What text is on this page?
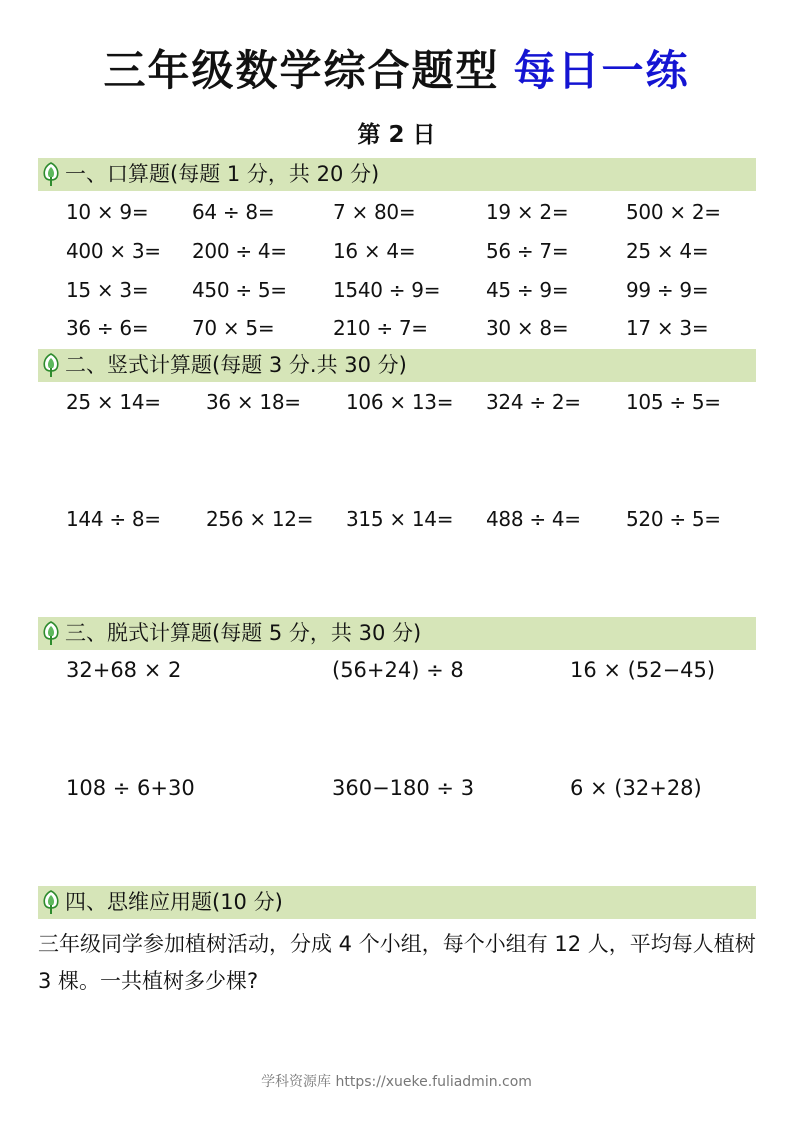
三年级数学综合题型 每日一练
第 2 日
一、口算题(每题 1 分，共 20 分)
10 × 9= 64 ÷ 8=	7 × 80=	19 × 2=	500 × 2=
400 × 3= 200 ÷ 4= 16 × 4=	56 ÷ 7=	25 × 4=
15 × 3= 450 ÷ 5= 1540 ÷ 9= 45 ÷ 9=	99 ÷ 9=
36 ÷ 6= 70 × 5=	210 ÷ 7=	30 × 8=	17 × 3=
二、竖式计算题(每题 3 分.共 30 分)
25 × 14= 36 × 18= 106 × 13= 324 ÷ 2= 105 ÷ 5=
144 ÷ 8= 256 × 12= 315 × 14= 488 ÷ 4= 520 ÷ 5=
三、脱式计算题(每题 5 分，共 30 分)
32+68 × 2	(56+24) ÷ 8	16 × (52−45)
108 ÷ 6+30	360−180 ÷ 3	6 × (32+28)
四、思维应用题(10 分)
三年级同学参加植树活动，分成 4 个小组，每个小组有 12 人，平均每人植树 3 棵。一共植树多少棵?
学科资源库 https://xueke.fuliadmin.com
